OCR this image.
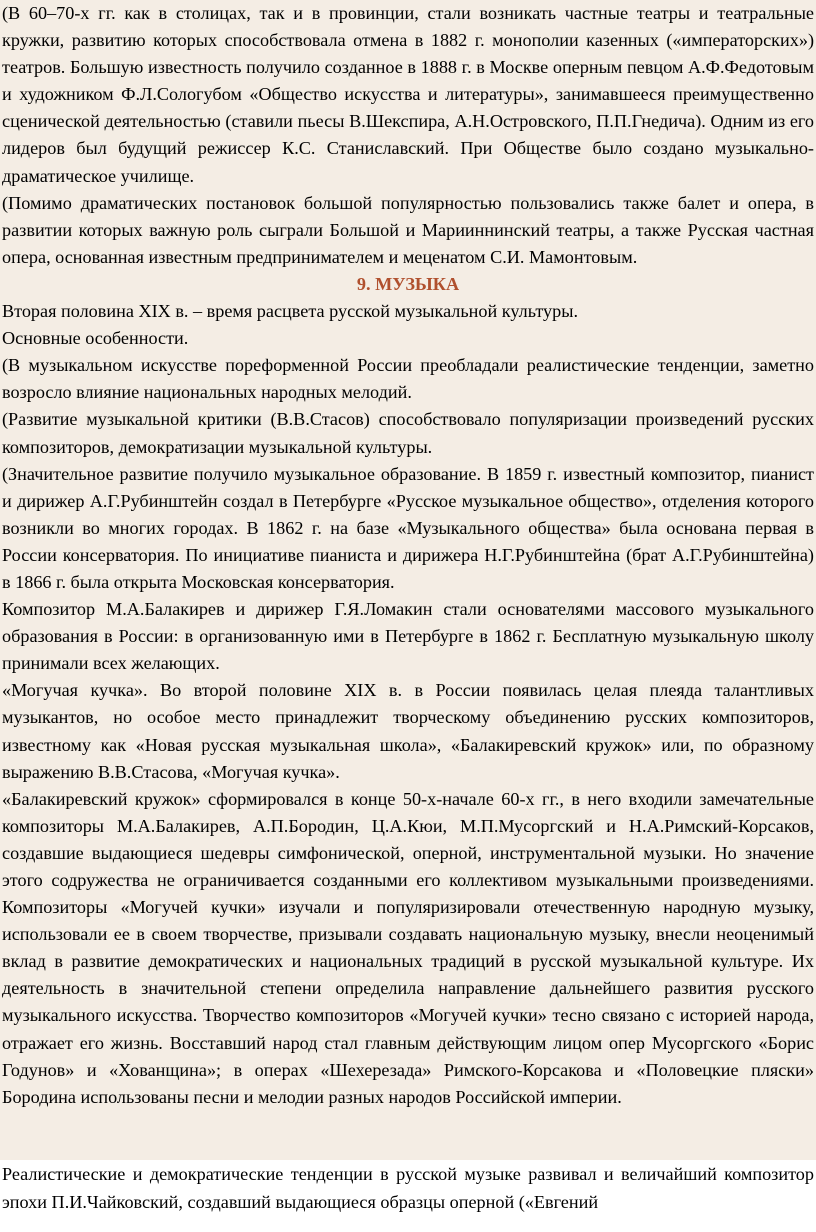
(В 60–70-х гг. как в столицах, так и в провинции, стали возникать частные театры и театральные кружки, развитию которых способствовала отмена в 1882 г. монополии казенных («императорских») театров. Большую известность получило созданное в 1888 г. в Москве оперным певцом А.Ф.Федотовым и художником Ф.Л.Сологубом «Общество искусства и литературы», занимавшееся преимущественно сценической деятельностью (ставили пьесы В.Шекспира, А.Н.Островского, П.П.Гнедича). Одним из его лидеров был будущий режиссер К.С. Станиславский. При Обществе было создано музыкально-драматическое училище.

(Помимо драматических постановок большой популярностью пользовались также балет и опера, в развитии которых важную роль сыграли Большой и Марииннинский театры, а также Русская частная опера, основанная известным предпринимателем и меценатом С.И. Мамонтовым.

9. МУЗЫКА

Вторая половина XIX в. – время расцвета русской музыкальной культуры.

Основные особенности.

(В музыкальном искусстве пореформенной России преобладали реалистические тенденции, заметно возросло влияние национальных народных мелодий.

(Развитие музыкальной критики (В.В.Стасов) способствовало популяризации произведений русских композиторов, демократизации музыкальной культуры.

(Значительное развитие получило музыкальное образование. В 1859 г. известный композитор, пианист и дирижер А.Г.Рубинштейн создал в Петербурге «Русское музыкальное общество», отделения которого возникли во многих городах. В 1862 г. на базе «Музыкального общества» была основана первая в России консерватория. По инициативе пианиста и дирижера Н.Г.Рубинштейна (брат А.Г.Рубинштейна) в 1866 г. была открыта Московская консерватория.

Композитор М.А.Балакирев и дирижер Г.Я.Ломакин стали основателями массового музыкального образования в России: в организованную ими в Петербурге в 1862 г. Бесплатную музыкальную школу принимали всех желающих.

«Могучая кучка». Во второй половине XIX в. в России появилась целая плеяда талантливых музыкантов, но особое место принадлежит творческому объединению русских композиторов, известному как «Новая русская музыкальная школа», «Балакиревский кружок» или, по образному выражению В.В.Стасова, «Могучая кучка».

«Балакиревский кружок» сформировался в конце 50-х-начале 60-х гг., в него входили замечательные композиторы М.А.Балакирев, А.П.Бородин, Ц.А.Кюи, М.П.Мусоргский и Н.А.Римский-Корсаков, создавшие выдающиеся шедевры симфонической, оперной, инструментальной музыки. Но значение этого содружества не ограничивается созданными его коллективом музыкальными произведениями. Композиторы «Могучей кучки» изучали и популяризировали отечественную народную музыку, использовали ее в своем творчестве, призывали создавать национальную музыку, внесли неоценимый вклад в развитие демократических и национальных традиций в русской музыкальной культуре. Их деятельность в значительной степени определила направление дальнейшего развития русского музыкального искусства. Творчество композиторов «Могучей кучки» тесно связано с историей народа, отражает его жизнь. Восставший народ стал главным действующим лицом опер Мусоргского «Борис Годунов» и «Хованщина»; в операх «Шехерезада» Римского-Корсакова и «Половецкие пляски» Бородина использованы песни и мелодии разных народов Российской империи.

Реалистические и демократические тенденции в русской музыке развивал и величайший композитор эпохи П.И.Чайковский, создавший выдающиеся образцы оперной («Евгений
